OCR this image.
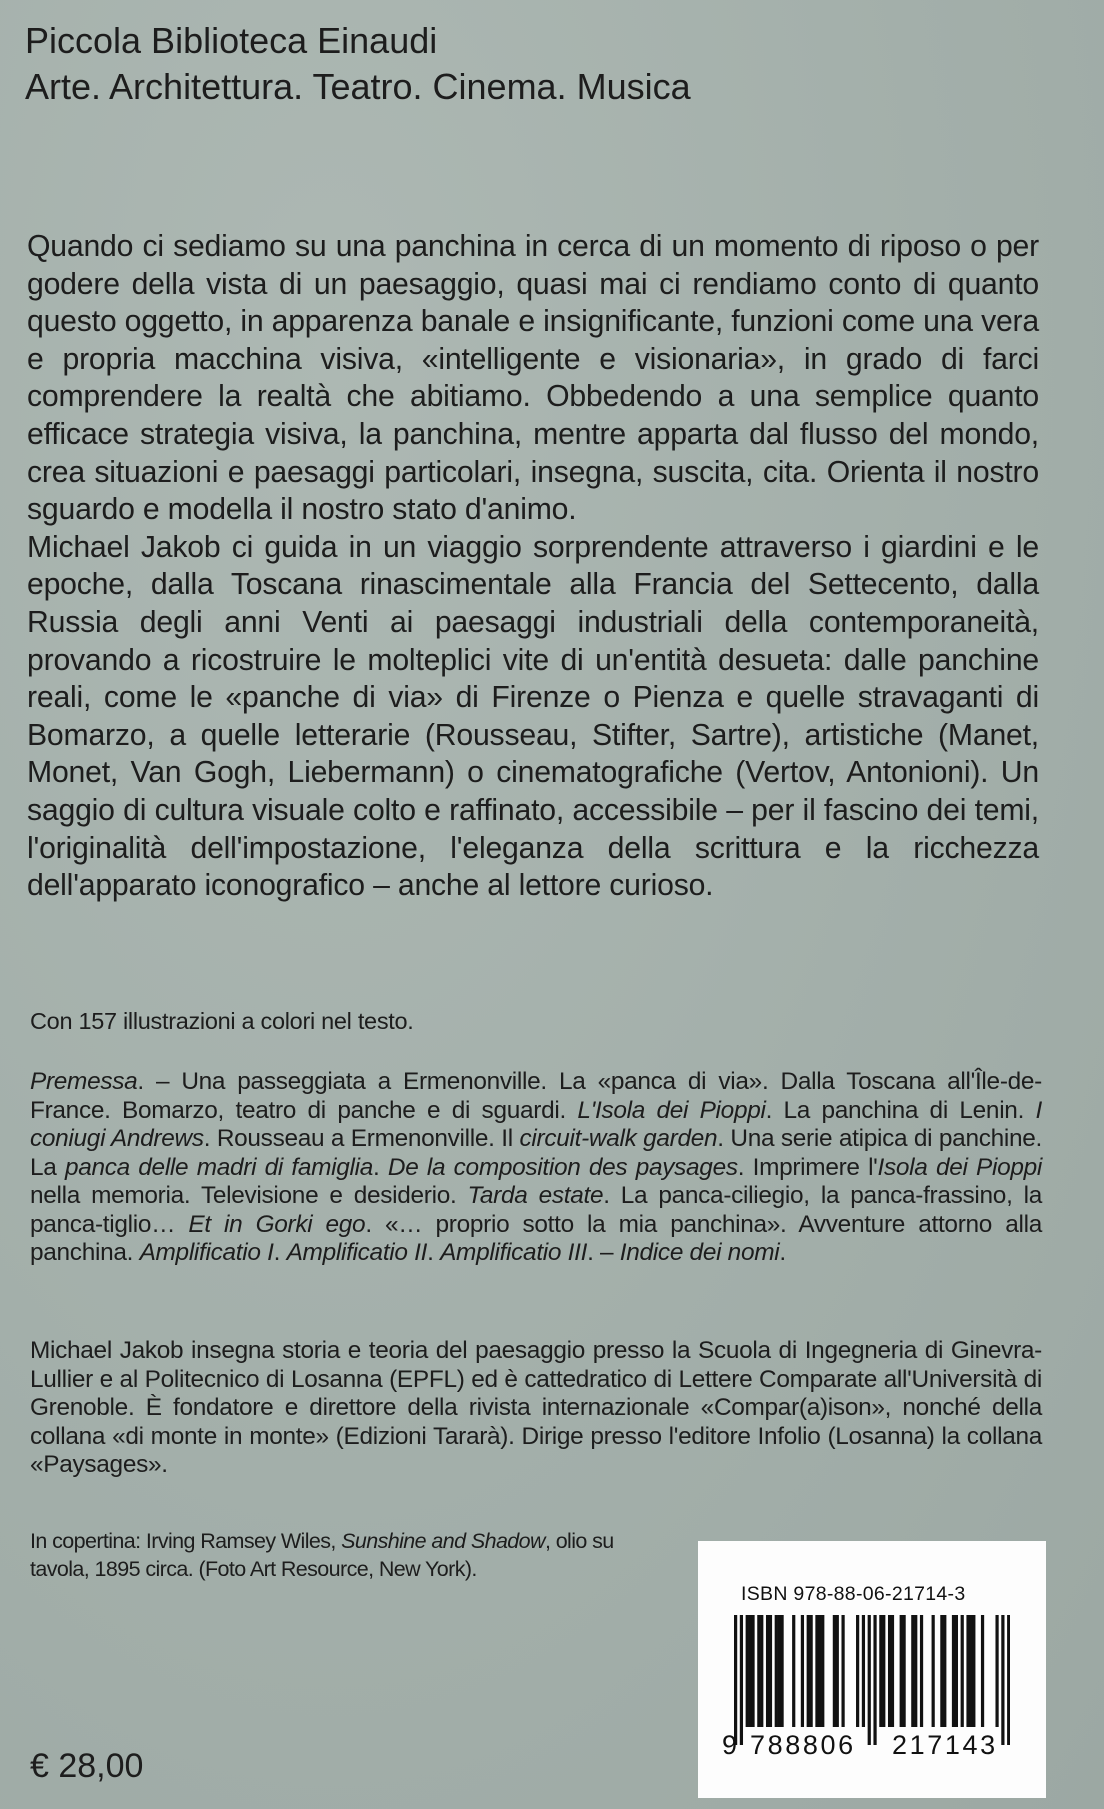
Piccola Biblioteca Einaudi
Arte. Architettura. Teatro. Cinema. Musica

Quando ci sediamo su una panchina in cerca di un momento di riposo o per godere della vista di un paesaggio, quasi mai ci rendiamo conto di quanto questo oggetto, in apparenza banale e insignificante, funzioni come una vera e propria macchina visiva, «intelligente e visionaria», in grado di farci comprendere la realtà che abitiamo. Obbedendo a una semplice quanto efficace strategia visiva, la panchina, mentre apparta dal flusso del mondo, crea situazioni e paesaggi particolari, insegna, suscita, cita. Orienta il nostro sguardo e modella il nostro stato d'animo.

Michael Jakob ci guida in un viaggio sorprendente attraverso i giardini e le epoche, dalla Toscana rinascimentale alla Francia del Settecento, dalla Russia degli anni Venti ai paesaggi industriali della contemporaneità, provando a ricostruire le molteplici vite di un'entità desueta: dalle panchine reali, come le «panche di via» di Firenze o Pienza e quelle stravaganti di Bomarzo, a quelle letterarie (Rousseau, Stifter, Sartre), artistiche (Manet, Monet, Van Gogh, Liebermann) o cinematografiche (Vertov, Antonioni). Un saggio di cultura visuale colto e raffinato, accessibile – per il fascino dei temi, l'originalità dell'impostazione, l'eleganza della scrittura e la ricchezza dell'apparato iconografico – anche al lettore curioso.

Con 157 illustrazioni a colori nel testo.
Premessa. – Una passeggiata a Ermenonville. La «panca di via». Dalla Toscana all'Île-de-France. Bomarzo, teatro di panche e di sguardi. L'Isola dei Pioppi. La panchina di Lenin. I coniugi Andrews. Rousseau a Ermenonville. Il circuit-walk garden. Una serie atipica di panchine. La panca delle madri di famiglia. De la composition des paysages. Imprimere l'Isola dei Pioppi nella memoria. Televisione e desiderio. Tarda estate. La panca-ciliegio, la panca-frassino, la panca-tiglio… Et in Gorki ego. «… proprio sotto la mia panchina». Avventure attorno alla panchina. Amplificatio I. Amplificatio II. Amplificatio III. – Indice dei nomi.
Michael Jakob insegna storia e teoria del paesaggio presso la Scuola di Ingegneria di Ginevra-Lullier e al Politecnico di Losanna (EPFL) ed è cattedratico di Lettere Comparate all'Università di Grenoble. È fondatore e direttore della rivista internazionale «Compar(a)ison», nonché della collana «di monte in monte» (Edizioni Tararà). Dirige presso l'editore Infolio (Losanna) la collana «Paysages».
In copertina: Irving Ramsey Wiles, Sunshine and Shadow, olio su tavola, 1895 circa. (Foto Art Resource, New York).
€ 28,00
ISBN 978-88-06-21714-3
9 788806 217143
